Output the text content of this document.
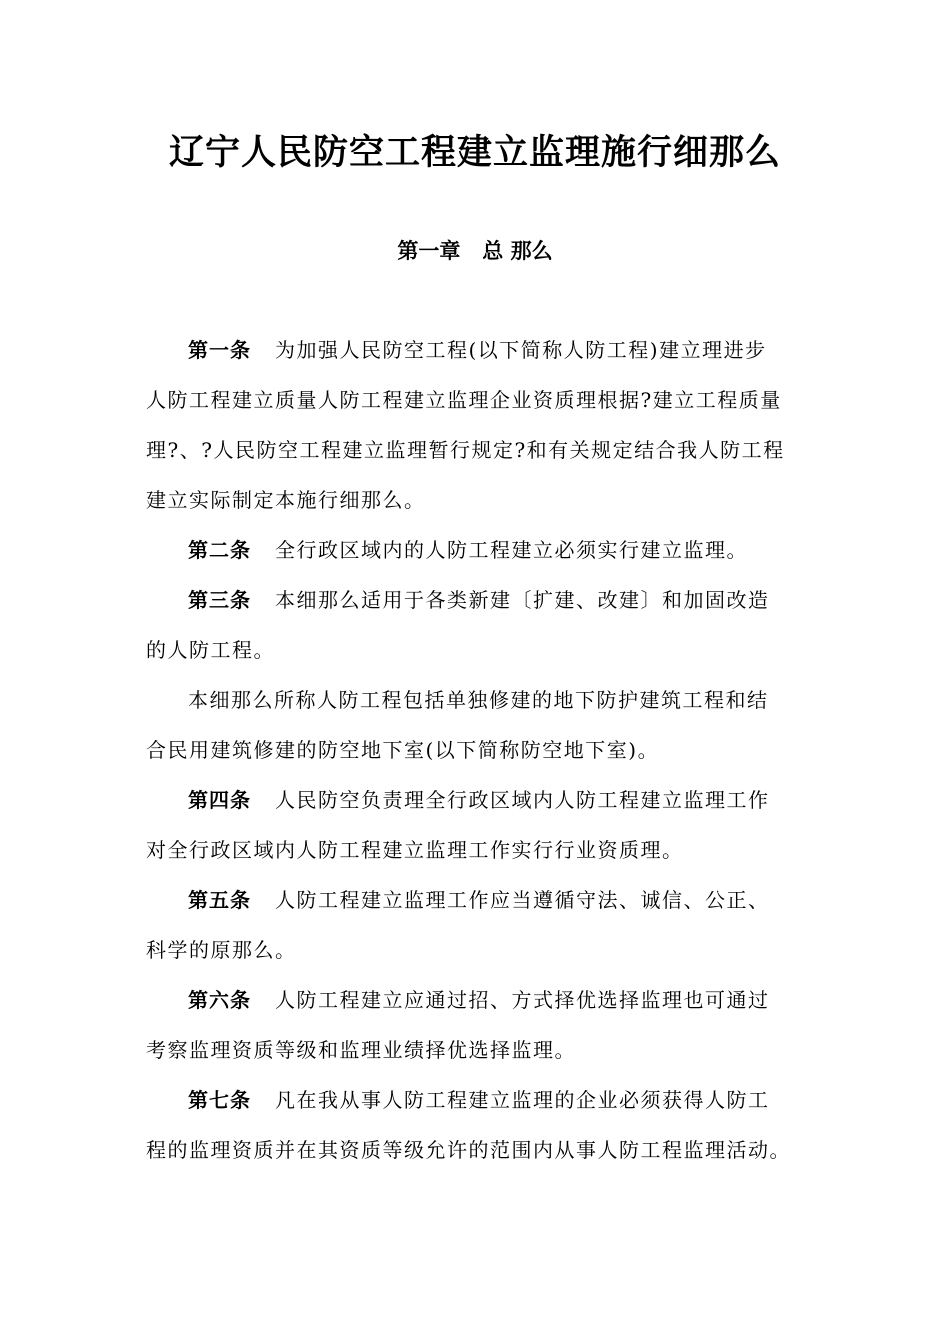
辽宁人民防空工程建立监理施行细那么
第一章   总 那么

第一条 为加强人民防空工程(以下简称人防工程)建立理进步

人防工程建立质量人防工程建立监理企业资质理根据?建立工程质量

理?、?人民防空工程建立监理暂行规定?和有关规定结合我人防工程

建立实际制定本施行细那么。

第二条 全行政区域内的人防工程建立必须实行建立监理。

第三条 本细那么适用于各类新建〔扩建、改建〕和加固改造

的人防工程。

本细那么所称人防工程包括单独修建的地下防护建筑工程和结

合民用建筑修建的防空地下室(以下简称防空地下室)。

第四条 人民防空负责理全行政区域内人防工程建立监理工作

对全行政区域内人防工程建立监理工作实行行业资质理。

第五条 人防工程建立监理工作应当遵循守法、诚信、公正、

科学的原那么。

第六条 人防工程建立应通过招、方式择优选择监理也可通过

考察监理资质等级和监理业绩择优选择监理。

第七条 凡在我从事人防工程建立监理的企业必须获得人防工

程的监理资质并在其资质等级允许的范围内从事人防工程监理活动。
